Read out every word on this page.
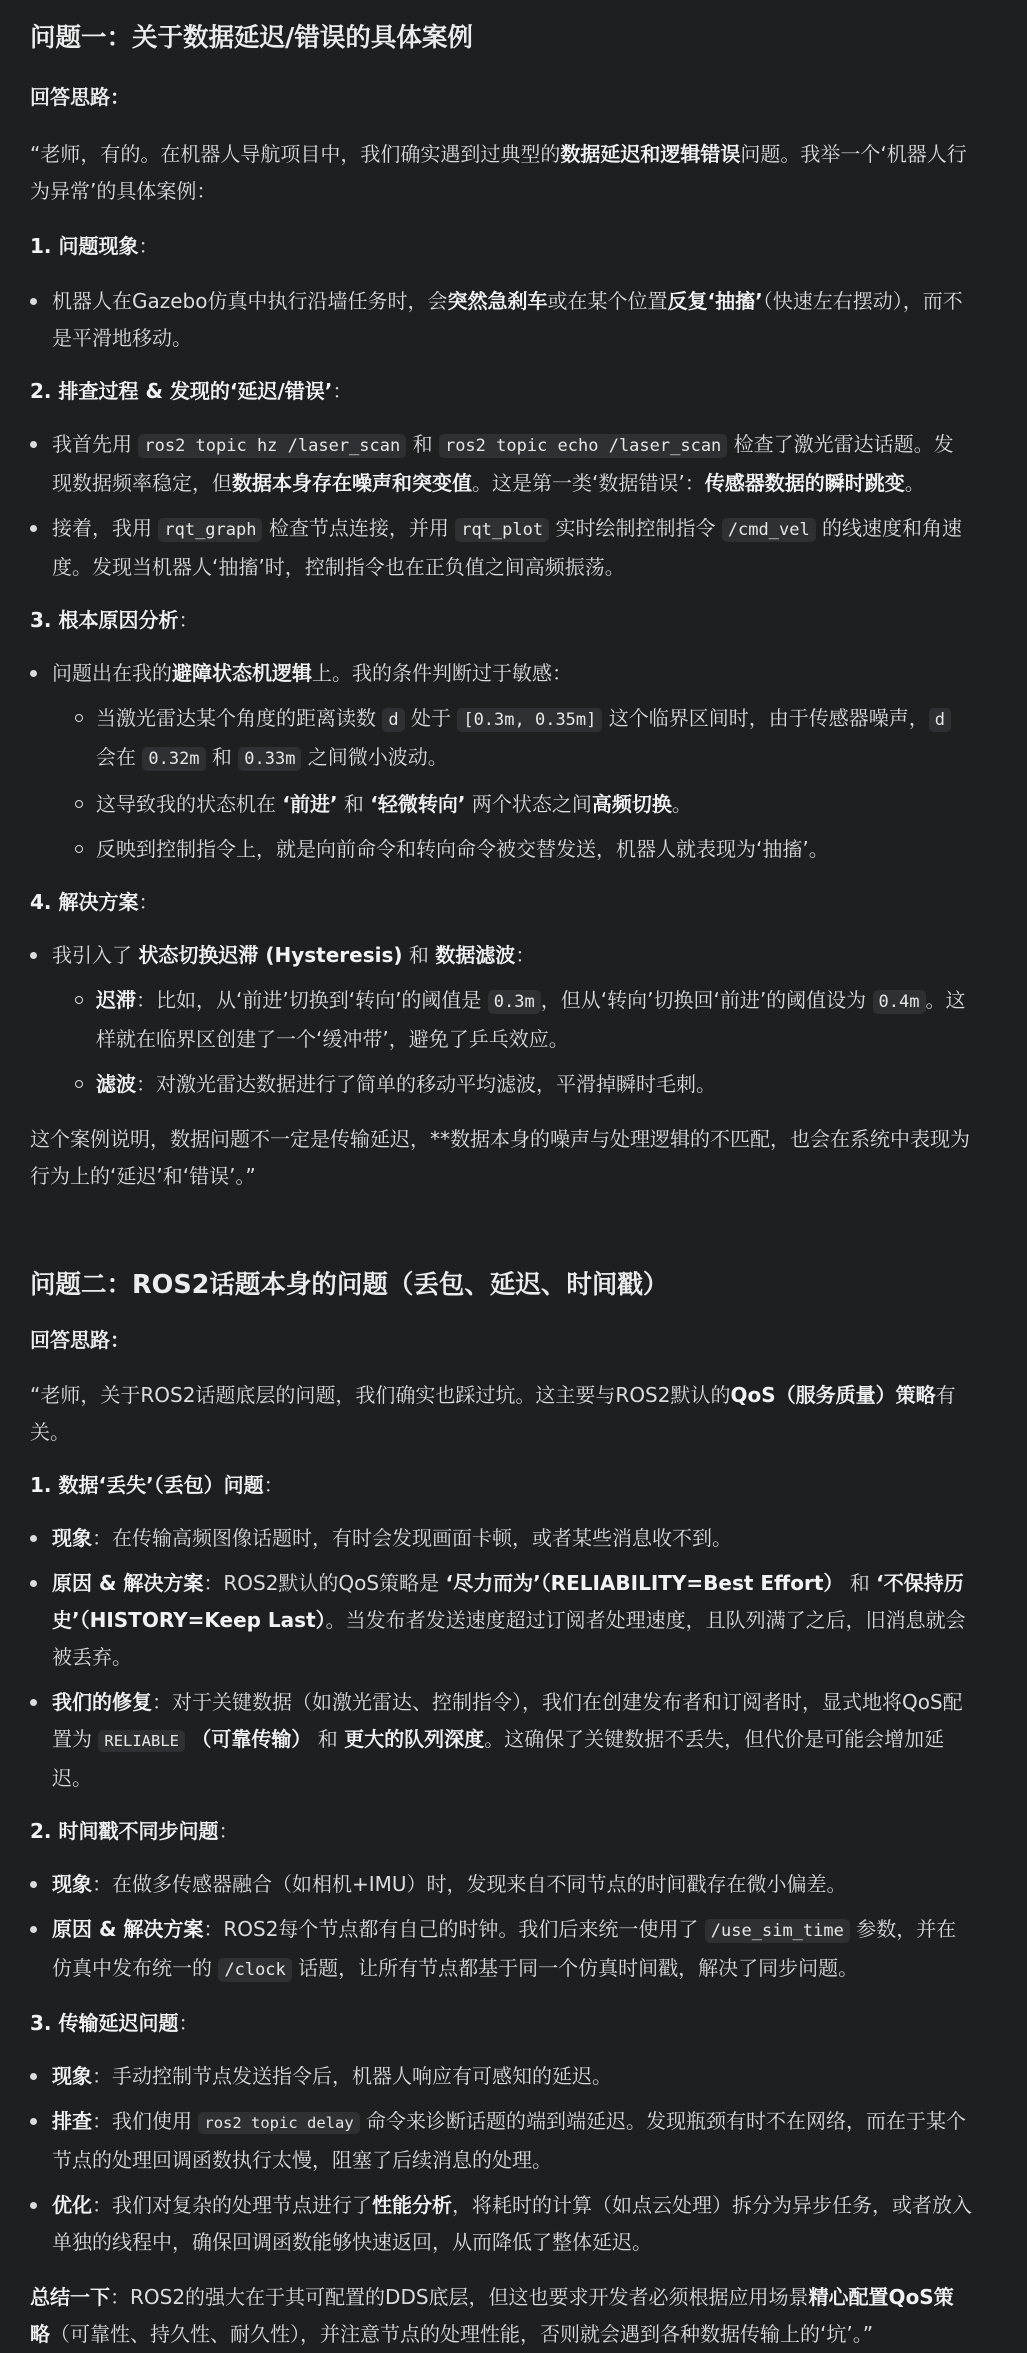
问题一：关于数据延迟/错误的具体案例

回答思路：

“老师，有的。在机器人导航项目中，我们确实遇到过典型的数据延迟和逻辑错误问题。我举一个‘机器人行为异常’的具体案例：

1. 问题现象：

机器人在Gazebo仿真中执行沿墙任务时，会突然急刹车或在某个位置反复‘抽搐’（快速左右摆动），而不是平滑地移动。

2. 排查过程 & 发现的‘延迟/错误’：

我首先用 ros2 topic hz /laser_scan 和 ros2 topic echo /laser_scan 检查了激光雷达话题。发现数据频率稳定，但数据本身存在噪声和突变值。这是第一类‘数据错误’：传感器数据的瞬时跳变。
接着，我用 rqt_graph 检查节点连接，并用 rqt_plot 实时绘制控制指令 /cmd_vel 的线速度和角速度。发现当机器人‘抽搐’时，控制指令也在正负值之间高频振荡。

3. 根本原因分析：

问题出在我的避障状态机逻辑上。我的条件判断过于敏感：
当激光雷达某个角度的距离读数 d 处于 [0.3m, 0.35m] 这个临界区间时，由于传感器噪声， d 会在 0.32m 和 0.33m 之间微小波动。
这导致我的状态机在 ‘前进’ 和 ‘轻微转向’ 两个状态之间高频切换。
反映到控制指令上，就是向前命令和转向命令被交替发送，机器人就表现为‘抽搐’。

4. 解决方案：

我引入了 状态切换迟滞 (Hysteresis) 和 数据滤波：
迟滞：比如，从‘前进’切换到‘转向’的阈值是 0.3m ，但从‘转向’切换回‘前进’的阈值设为 0.4m 。这样就在临界区创建了一个‘缓冲带’，避免了乒乓效应。
滤波：对激光雷达数据进行了简单的移动平均滤波，平滑掉瞬时毛刺。

这个案例说明，数据问题不一定是传输延迟，**数据本身的噪声与处理逻辑的不匹配，也会在系统中表现为行为上的‘延迟’和‘错误’。”

问题二：ROS2话题本身的问题（丢包、延迟、时间戳）

回答思路：

“老师，关于ROS2话题底层的问题，我们确实也踩过坑。这主要与ROS2默认的QoS（服务质量）策略有关。

1. 数据‘丢失’（丢包）问题：

现象：在传输高频图像话题时，有时会发现画面卡顿，或者某些消息收不到。
原因 & 解决方案：ROS2默认的QoS策略是 ‘尽力而为’（RELIABILITY=Best Effort） 和 ‘不保持历史’（HISTORY=Keep Last）。当发布者发送速度超过订阅者处理速度，且队列满了之后，旧消息就会被丢弃。
我们的修复：对于关键数据（如激光雷达、控制指令），我们在创建发布者和订阅者时，显式地将QoS配置为 RELIABLE （可靠传输） 和 更大的队列深度。这确保了关键数据不丢失，但代价是可能会增加延迟。

2. 时间戳不同步问题：

现象：在做多传感器融合（如相机+IMU）时，发现来自不同节点的时间戳存在微小偏差。
原因 & 解决方案：ROS2每个节点都有自己的时钟。我们后来统一使用了 /use_sim_time 参数，并在仿真中发布统一的 /clock 话题，让所有节点都基于同一个仿真时间戳，解决了同步问题。

3. 传输延迟问题：

现象：手动控制节点发送指令后，机器人响应有可感知的延迟。
排查：我们使用 ros2 topic delay 命令来诊断话题的端到端延迟。发现瓶颈有时不在网络，而在于某个节点的处理回调函数执行太慢，阻塞了后续消息的处理。
优化：我们对复杂的处理节点进行了性能分析，将耗时的计算（如点云处理）拆分为异步任务，或者放入单独的线程中，确保回调函数能够快速返回，从而降低了整体延迟。

总结一下：ROS2的强大在于其可配置的DDS底层，但这也要求开发者必须根据应用场景精心配置QoS策略（可靠性、持久性、耐久性），并注意节点的处理性能，否则就会遇到各种数据传输上的‘坑’。”
